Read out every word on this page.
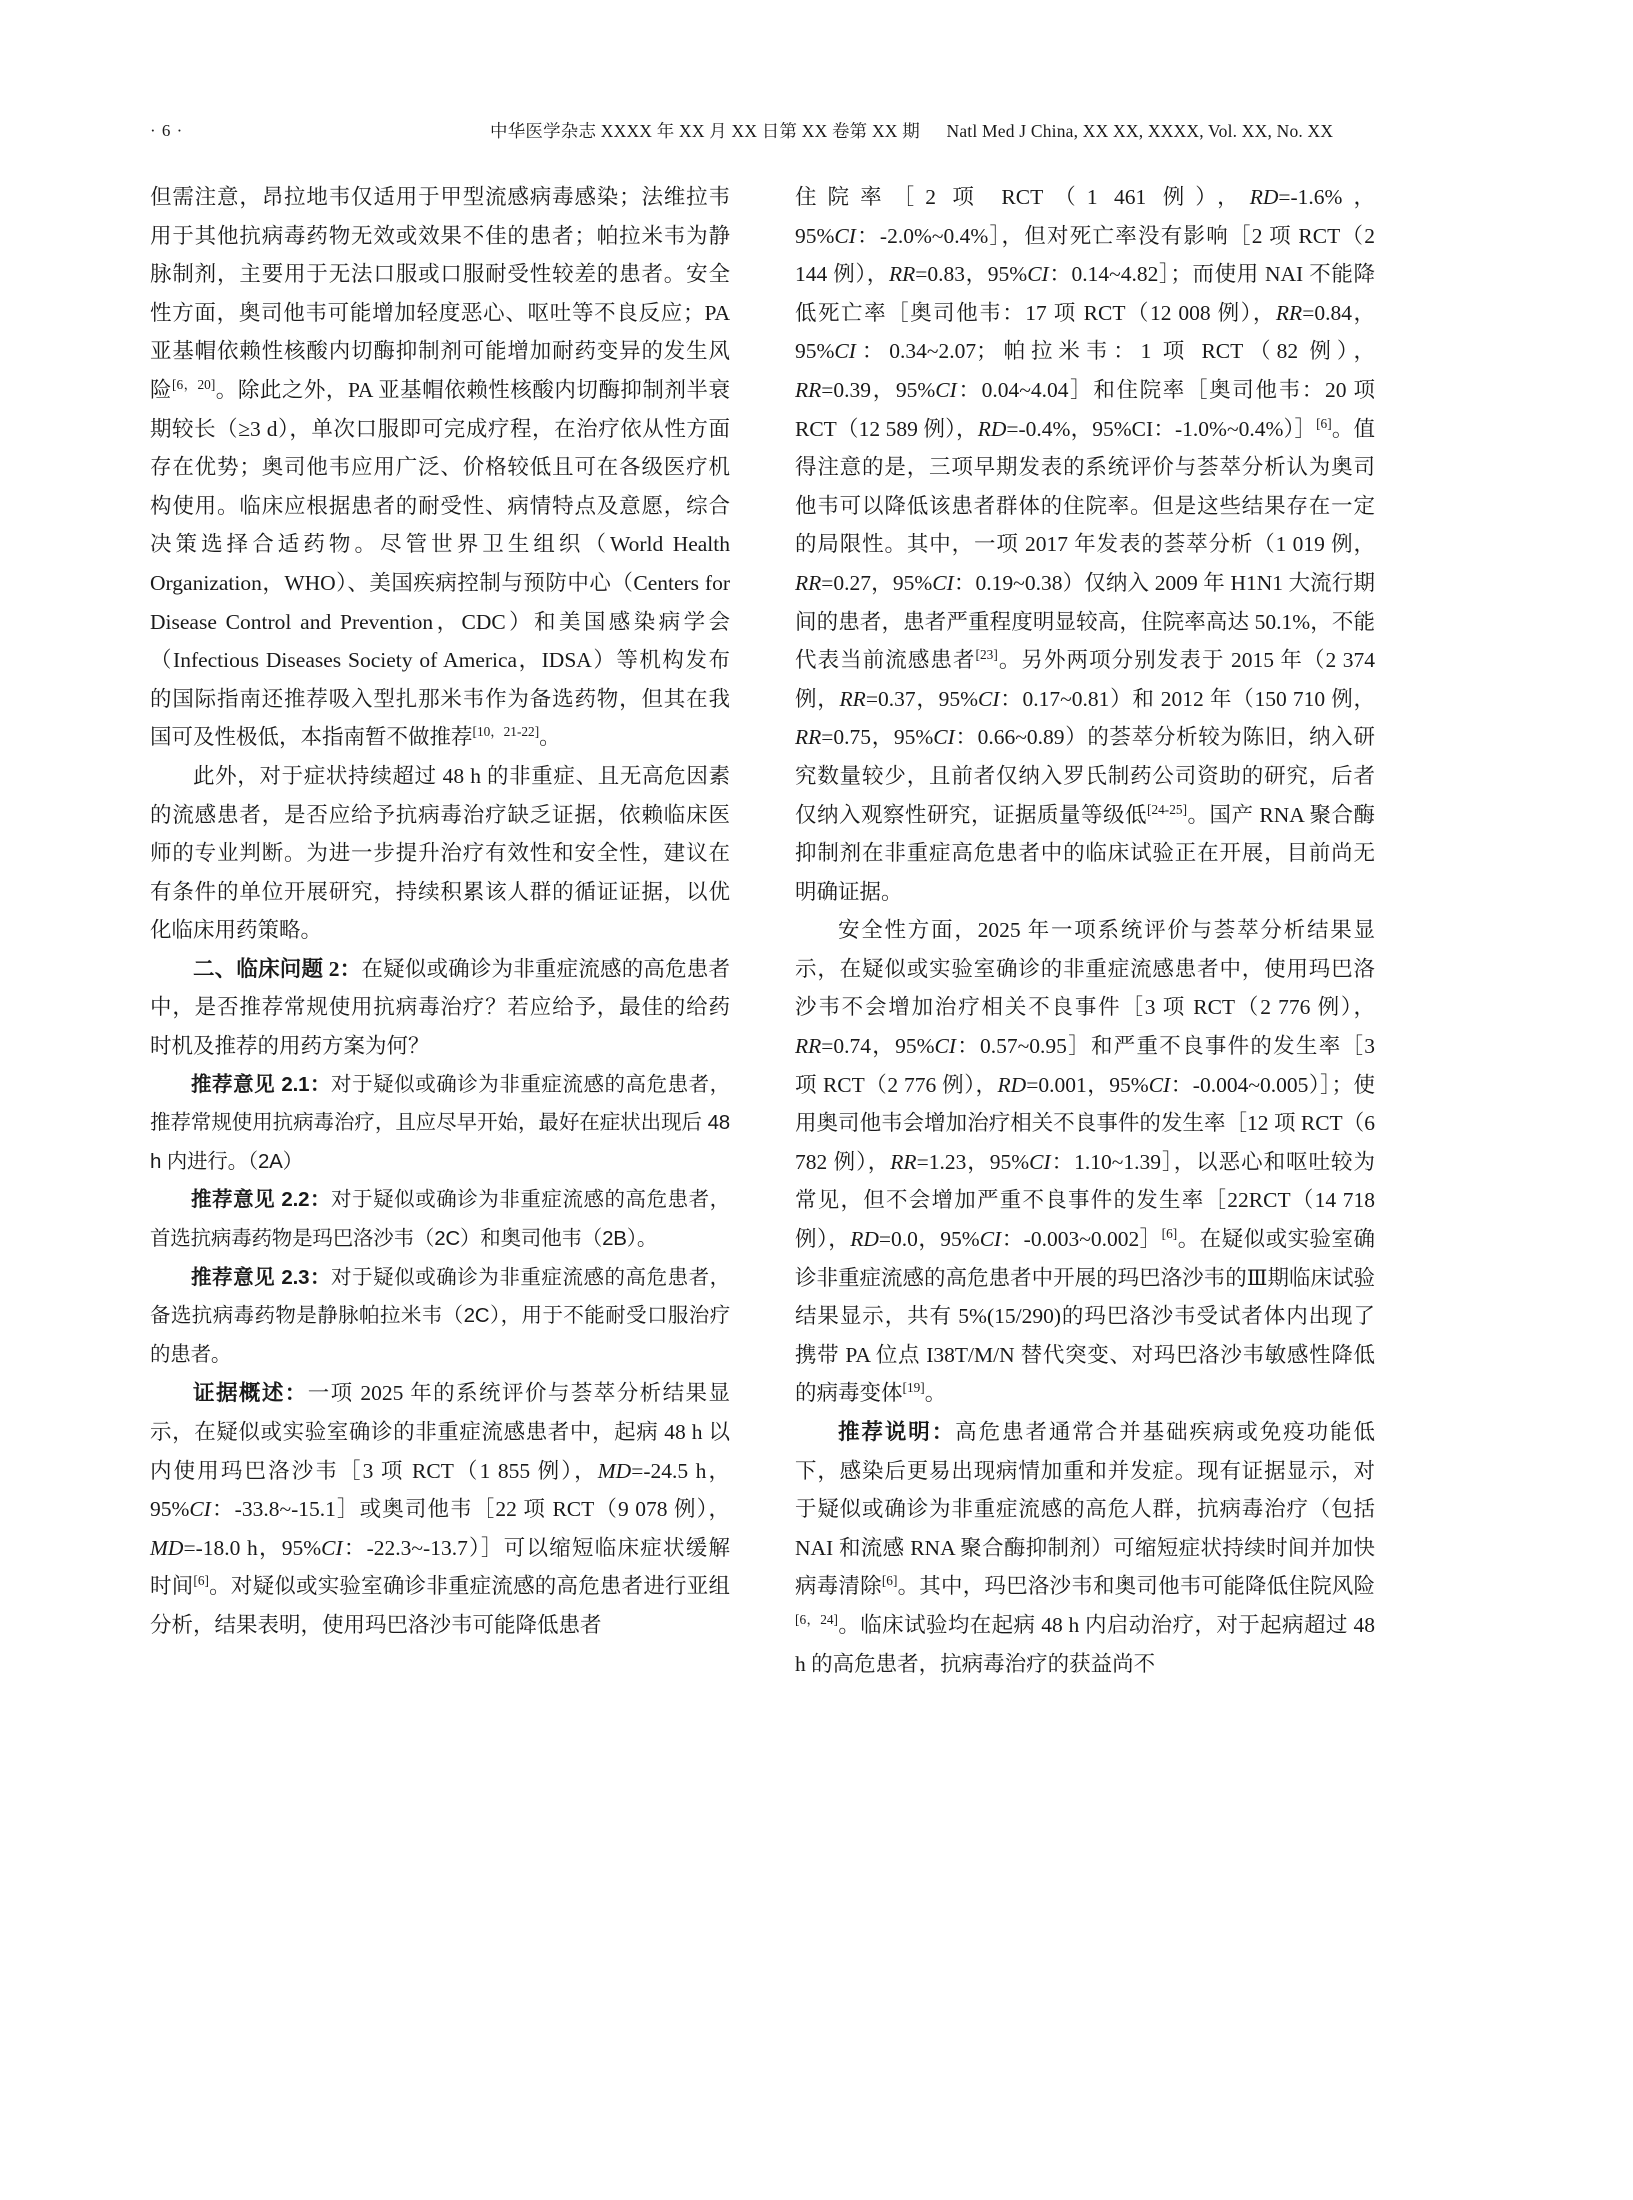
· 6 ·	中华医学杂志 XXXX 年 XX 月 XX 日第 XX 卷第 XX 期 Natl Med J China, XX XX, XXXX, Vol. XX, No. XX

但需注意，昂拉地韦仅适用于甲型流感病毒感染；法维拉韦用于其他抗病毒药物无效或效果不佳的患者；帕拉米韦为静脉制剂，主要用于无法口服或口服耐受性较差的患者。安全性方面，奥司他韦可能增加轻度恶心、呕吐等不良反应；PA 亚基帽依赖性核酸内切酶抑制剂可能增加耐药变异的发生风险[6，20]。除此之外，PA 亚基帽依赖性核酸内切酶抑制剂半衰期较长（≥3 d），单次口服即可完成疗程，在治疗依从性方面存在优势；奥司他韦应用广泛、价格较低且可在各级医疗机构使用。临床应根据患者的耐受性、病情特点及意愿，综合决策选择合适药物。尽管世界卫生组织（World Health Organization，WHO）、美国疾病控制与预防中心（Centers for Disease Control and Prevention，CDC）和美国感染病学会（Infectious Diseases Society of America，IDSA）等机构发布的国际指南还推荐吸入型扎那米韦作为备选药物，但其在我国可及性极低，本指南暂不做推荐[10，21-22]。

此外，对于症状持续超过 48 h 的非重症、且无高危因素的流感患者，是否应给予抗病毒治疗缺乏证据，依赖临床医师的专业判断。为进一步提升治疗有效性和安全性，建议在有条件的单位开展研究，持续积累该人群的循证证据，以优化临床用药策略。

二、临床问题 2：在疑似或确诊为非重症流感的高危患者中，是否推荐常规使用抗病毒治疗？若应给予，最佳的给药时机及推荐的用药方案为何？

推荐意见 2.1：对于疑似或确诊为非重症流感的高危患者，推荐常规使用抗病毒治疗，且应尽早开始，最好在症状出现后 48 h 内进行。（2A）

推荐意见 2.2：对于疑似或确诊为非重症流感的高危患者，首选抗病毒药物是玛巴洛沙韦（2C）和奥司他韦（2B）。

推荐意见 2.3：对于疑似或确诊为非重症流感的高危患者，备选抗病毒药物是静脉帕拉米韦（2C），用于不能耐受口服治疗的患者。

证据概述：一项 2025 年的系统评价与荟萃分析结果显示，在疑似或实验室确诊的非重症流感患者中，起病 48 h 以内使用玛巴洛沙韦［3 项 RCT（1 855 例），MD=-24.5 h，95%CI：-33.8~-15.1］或奥司他韦［22 项 RCT（9 078 例），MD=-18.0 h，95%CI：-22.3~-13.7）］可以缩短临床症状缓解时间[6]。对疑似或实验室确诊非重症流感的高危患者进行亚组分析，结果表明，使用玛巴洛沙韦可能降低患者

住院率［2 项 RCT（1 461 例），RD=-1.6%，95%CI：-2.0%~0.4%］，但对死亡率没有影响［2 项 RCT（2 144 例），RR=0.83，95%CI：0.14~4.82］；而使用 NAI 不能降低死亡率［奥司他韦：17 项 RCT（12 008 例），RR=0.84，95%CI：0.34~2.07；帕拉米韦：1 项 RCT（82 例），RR=0.39，95%CI：0.04~4.04］和住院率［奥司他韦：20 项 RCT（12 589 例），RD=-0.4%，95%CI：-1.0%~0.4%）］[6]。值得注意的是，三项早期发表的系统评价与荟萃分析认为奥司他韦可以降低该患者群体的住院率。但是这些结果存在一定的局限性。其中，一项 2017 年发表的荟萃分析（1 019 例，RR=0.27，95%CI：0.19~0.38）仅纳入 2009 年 H1N1 大流行期间的患者，患者严重程度明显较高，住院率高达 50.1%，不能代表当前流感患者[23]。另外两项分别发表于 2015 年（2 374 例，RR=0.37，95%CI：0.17~0.81）和 2012 年（150 710 例，RR=0.75，95%CI：0.66~0.89）的荟萃分析较为陈旧，纳入研究数量较少，且前者仅纳入罗氏制药公司资助的研究，后者仅纳入观察性研究，证据质量等级低[24-25]。国产 RNA 聚合酶抑制剂在非重症高危患者中的临床试验正在开展，目前尚无明确证据。

安全性方面，2025 年一项系统评价与荟萃分析结果显示，在疑似或实验室确诊的非重症流感患者中，使用玛巴洛沙韦不会增加治疗相关不良事件［3 项 RCT（2 776 例），RR=0.74，95%CI：0.57~0.95］和严重不良事件的发生率［3 项 RCT（2 776 例），RD=0.001，95%CI：-0.004~0.005）］；使用奥司他韦会增加治疗相关不良事件的发生率［12 项 RCT（6 782 例），RR=1.23，95%CI：1.10~1.39］，以恶心和呕吐较为常见，但不会增加严重不良事件的发生率［22RCT（14 718 例），RD=0.0，95%CI：-0.003~0.002］[6]。在疑似或实验室确诊非重症流感的高危患者中开展的玛巴洛沙韦的Ⅲ期临床试验结果显示，共有 5%(15/290)的玛巴洛沙韦受试者体内出现了携带 PA 位点 I38T/M/N 替代突变、对玛巴洛沙韦敏感性降低的病毒变体[19]。

推荐说明：高危患者通常合并基础疾病或免疫功能低下，感染后更易出现病情加重和并发症。现有证据显示，对于疑似或确诊为非重症流感的高危人群，抗病毒治疗（包括 NAI 和流感 RNA 聚合酶抑制剂）可缩短症状持续时间并加快病毒清除[6]。其中，玛巴洛沙韦和奥司他韦可能降低住院风险[6，24]。临床试验均在起病 48 h 内启动治疗，对于起病超过 48 h 的高危患者，抗病毒治疗的获益尚不
